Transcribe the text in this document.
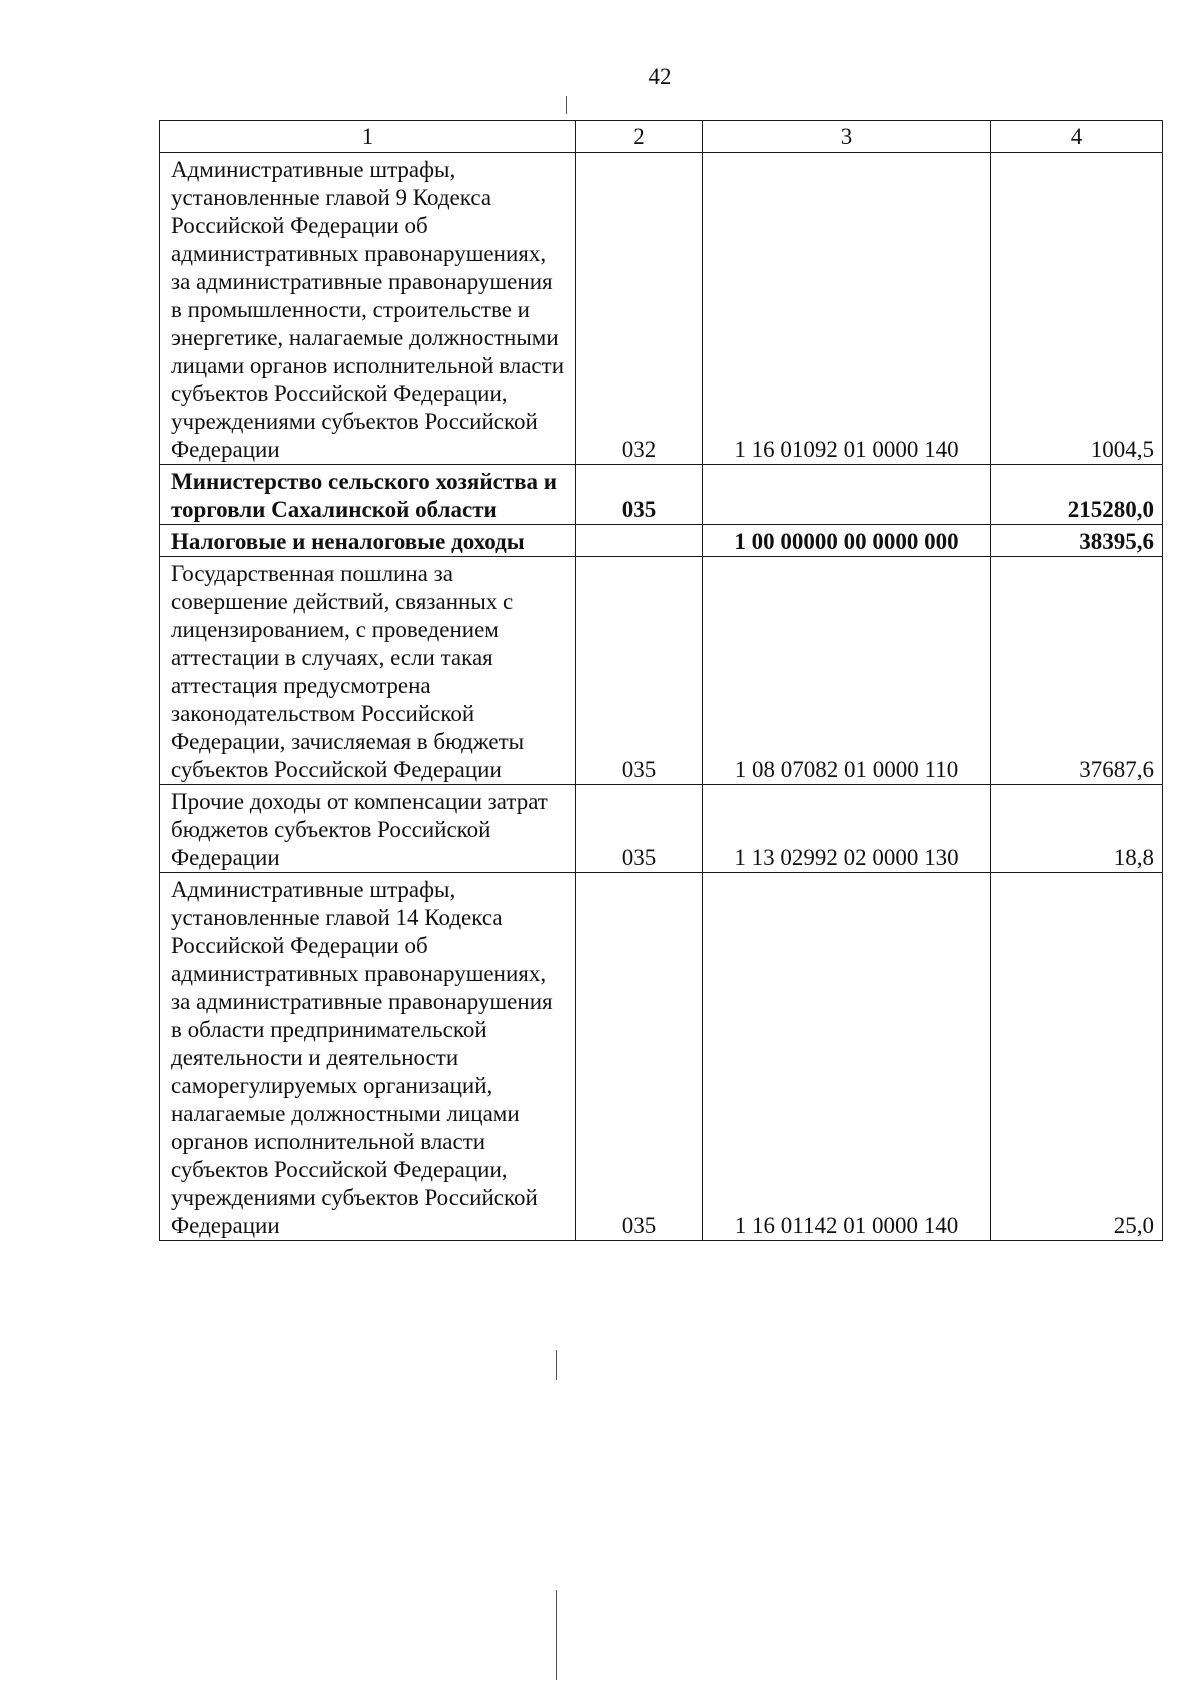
42
1	2	3	4
Административные штрафы, установленные главой 9 Кодекса Российской Федерации об административных правонарушениях, за административные правонарушения в промышленности, строительстве и энергетике, налагаемые должностными лицами органов исполнительной власти субъектов Российской Федерации, учреждениями субъектов Российской Федерации	032	1 16 01092 01 0000 140	1004,5
Министерство сельского хозяйства и торговли Сахалинской области	035		215280,0
Налоговые и неналоговые доходы		1 00 00000 00 0000 000	38395,6
Государственная пошлина за совершение действий, связанных с лицензированием, с проведением аттестации в случаях, если такая аттестация предусмотрена законодательством Российской Федерации, зачисляемая в бюджеты субъектов Российской Федерации	035	1 08 07082 01 0000 110	37687,6
Прочие доходы от компенсации затрат бюджетов субъектов Российской Федерации	035	1 13 02992 02 0000 130	18,8
Административные штрафы, установленные главой 14 Кодекса Российской Федерации об административных правонарушениях, за административные правонарушения в области предпринимательской деятельности и деятельности саморегулируемых организаций, налагаемые должностными лицами органов исполнительной власти субъектов Российской Федерации, учреждениями субъектов Российской Федерации	035	1 16 01142 01 0000 140	25,0
